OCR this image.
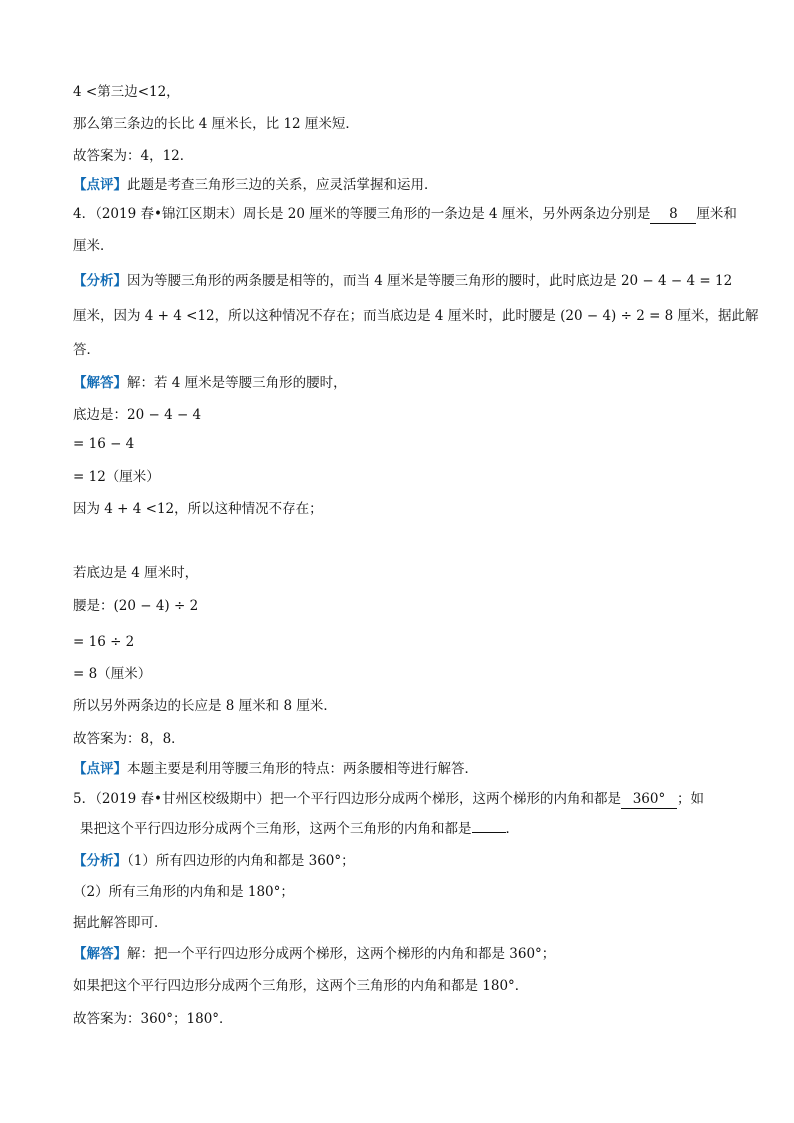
4 <第三边<12，
那么第三条边的长比 4 厘米长，比 12 厘米短．
故答案为：4，12．
【点评】此题是考查三角形三边的关系，应灵活掌握和运用．
4．（2019 春•锦江区期末）周长是 20 厘米的等腰三角形的一条边是 4 厘米，另外两条边分别是 8 厘米和
厘米．
【分析】因为等腰三角形的两条腰是相等的，而当 4 厘米是等腰三角形的腰时，此时底边是 20 − 4 − 4 = 12
厘米，因为 4 + 4 <12，所以这种情况不存在；而当底边是 4 厘米时，此时腰是 (20 − 4) ÷ 2 = 8 厘米，据此解
答．
【解答】解：若 4 厘米是等腰三角形的腰时，
底边是：20 − 4 − 4
= 16 − 4
= 12（厘米）
因为 4 + 4 <12，所以这种情况不存在；
若底边是 4 厘米时，
腰是：(20 − 4) ÷ 2
= 16 ÷ 2
= 8（厘米）
所以另外两条边的长应是 8 厘米和 8 厘米．
故答案为：8，8．
【点评】本题主要是利用等腰三角形的特点：两条腰相等进行解答．
5．（2019 春•甘州区校级期中）把一个平行四边形分成两个梯形，这两个梯形的内角和都是 360° ；如
果把这个平行四边形分成两个三角形，这两个三角形的内角和都是	．
【分析】（1）所有四边形的内角和都是 360°；
（2）所有三角形的内角和是 180°；
据此解答即可．
【解答】解：把一个平行四边形分成两个梯形，这两个梯形的内角和都是 360°；
如果把这个平行四边形分成两个三角形，这两个三角形的内角和都是 180°．
故答案为：360°；180°．
